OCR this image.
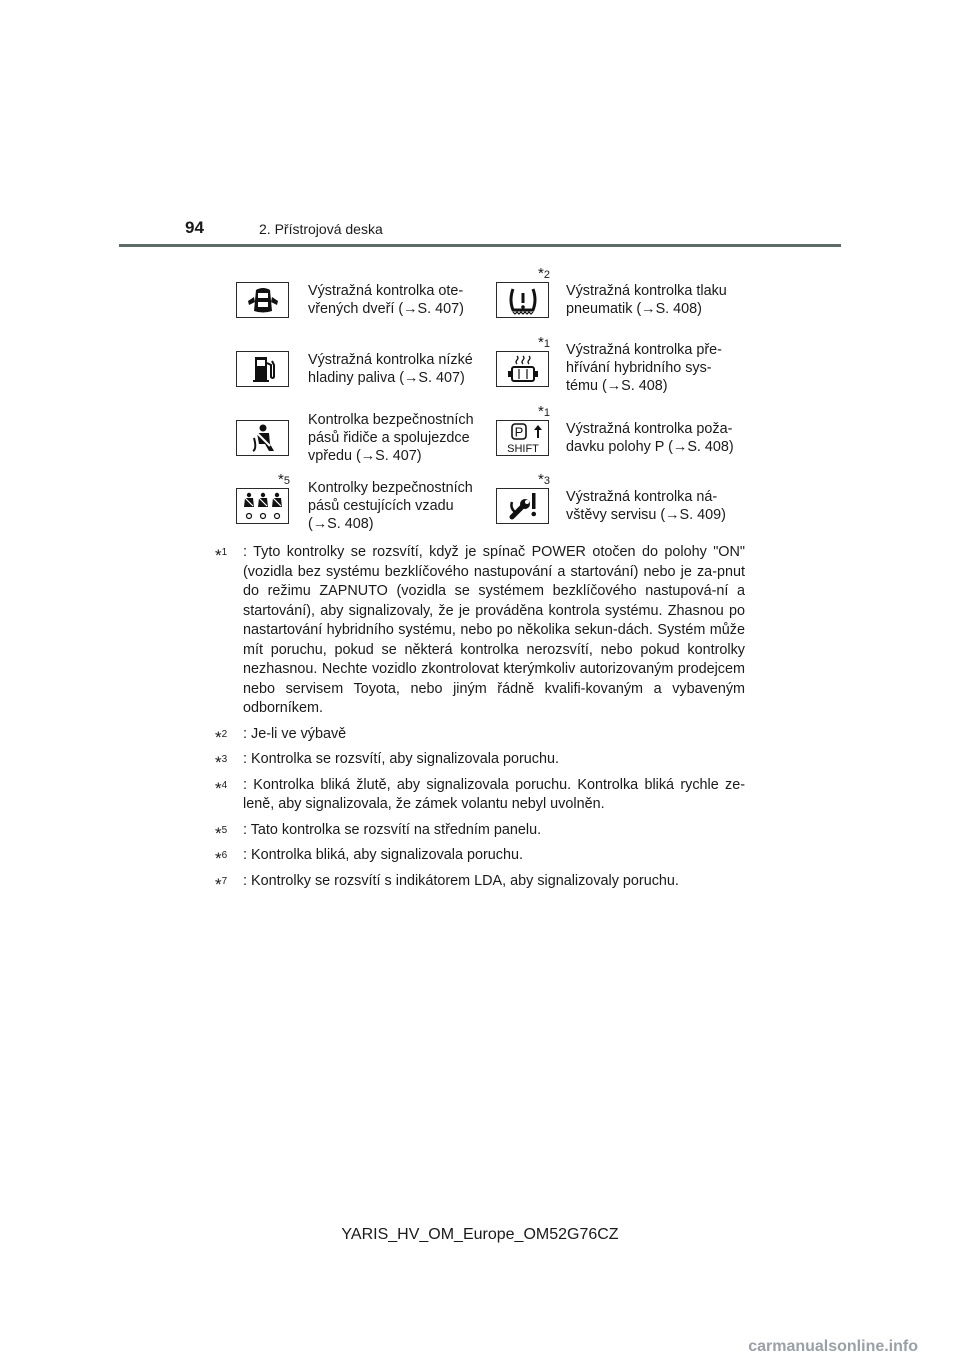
94	2. Přístrojová deska
Výstražná kontrolka ote-
vřených dveří (→S. 407)
*2
Výstražná kontrolka tlaku
pneumatik (→S. 408)
Výstražná kontrolka nízké
hladiny paliva (→S. 407)
*1 Výstražná kontrolka pře-
hřívání hybridního sys-
tému (→S. 408)
Kontrolka bezpečnostních
pásů řidiče a spolujezdce
vpředu (→S. 407)
*1
P
SHIFT
Výstražná kontrolka poža-
davku polohy P (→S. 408)
*5 Kontrolky bezpečnostních
pásů cestujících vzadu
(→S. 408)
*3
Výstražná kontrolka ná-
vštěvy servisu (→S. 409)
*$^1$ : Tyto kontrolky se rozsvítí, když je spínač POWER otočen do polohy "ON" (vozidla bez systému bezklíčového nastupování a startování) nebo je za-pnut do režimu ZAPNUTO (vozidla se systémem bezklíčového nastupová-ní a startování), aby signalizovaly, že je prováděna kontrola systému. Zhasnou po nastartování hybridního systému, nebo po několika sekun-dách. Systém může mít poruchu, pokud se některá kontrolka nerozsvítí, nebo pokud kontrolky nezhasnou. Nechte vozidlo zkontrolovat kterýmkoliv autorizovaným prodejcem nebo servisem Toyota, nebo jiným řádně kvalifi-kovaným a vybaveným odborníkem.

*$^2$ : Je-li ve výbavě

*$^3$ : Kontrolka se rozsvítí, aby signalizovala poruchu.

*$^4$ : Kontrolka bliká žlutě, aby signalizovala poruchu. Kontrolka bliká rychle ze-leně, aby signalizovala, že zámek volantu nebyl uvolněn.

*$^5$ : Tato kontrolka se rozsvítí na středním panelu.

*$^6$ : Kontrolka bliká, aby signalizovala poruchu.

*$^7$ : Kontrolky se rozsvítí s indikátorem LDA, aby signalizovaly poruchu.

YARIS_HV_OM_Europe_OM52G76CZ
carmanualsonline.info
